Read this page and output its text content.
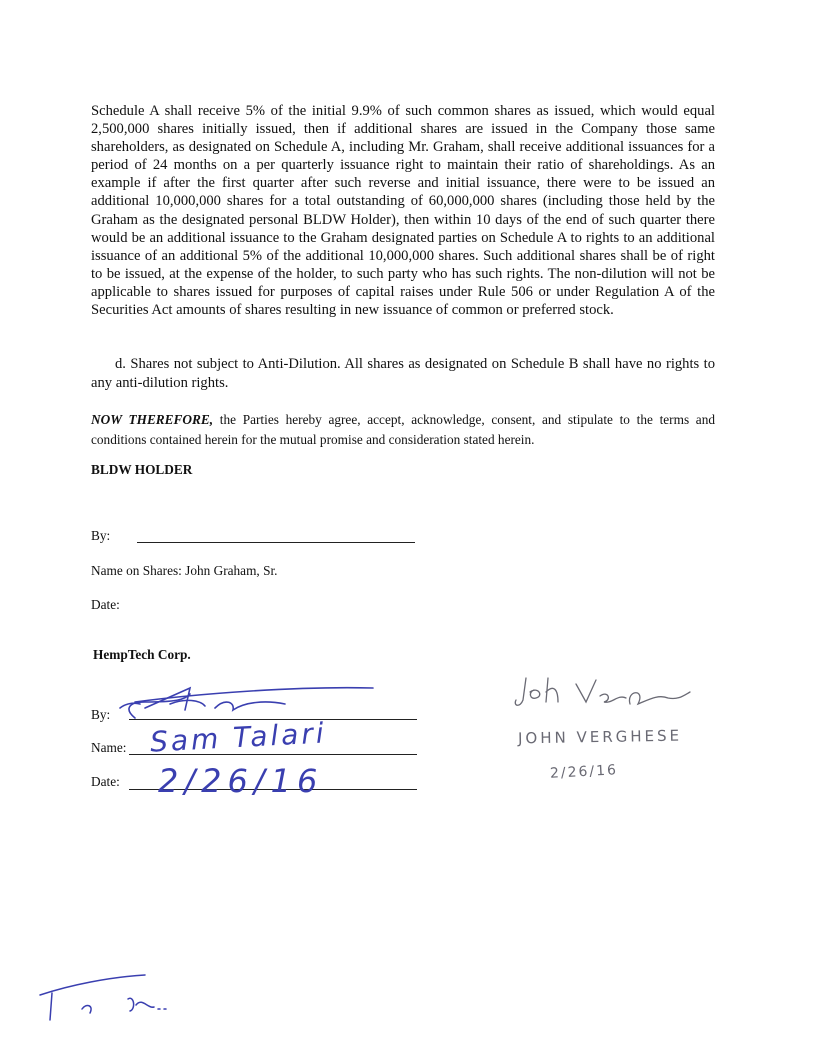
Schedule A shall receive 5% of the initial 9.9% of such common shares as issued, which would equal 2,500,000 shares initially issued, then if additional shares are issued in the Company those same shareholders, as designated on Schedule A, including Mr. Graham, shall receive additional issuances for a period of 24 months on a per quarterly issuance right to maintain their ratio of shareholdings. As an example if after the first quarter after such reverse and initial issuance, there were to be issued an additional 10,000,000 shares for a total outstanding of 60,000,000 shares (including those held by the Graham as the designated personal BLDW Holder), then within 10 days of the end of such quarter there would be an additional issuance to the Graham designated parties on Schedule A to rights to an additional issuance of an additional 5% of the additional 10,000,000 shares. Such additional shares shall be of right to be issued, at the expense of the holder, to such party who has such rights. The non-dilution will not be applicable to shares issued for purposes of capital raises under Rule 506 or under Regulation A of the Securities Act amounts of shares resulting in new issuance of common or preferred stock.

d. Shares not subject to Anti-Dilution. All shares as designated on Schedule B shall have no rights to any anti-dilution rights.

NOW THEREFORE, the Parties hereby agree, accept, acknowledge, consent, and stipulate to the terms and conditions contained herein for the mutual promise and consideration stated herein.

BLDW HOLDER
By:
Name on Shares: John Graham, Sr.
Date:
HempTech Corp.
By:
Name:
Date:
Sam Talari
2/26/16
JOHN VERGHESE
2/26/16
